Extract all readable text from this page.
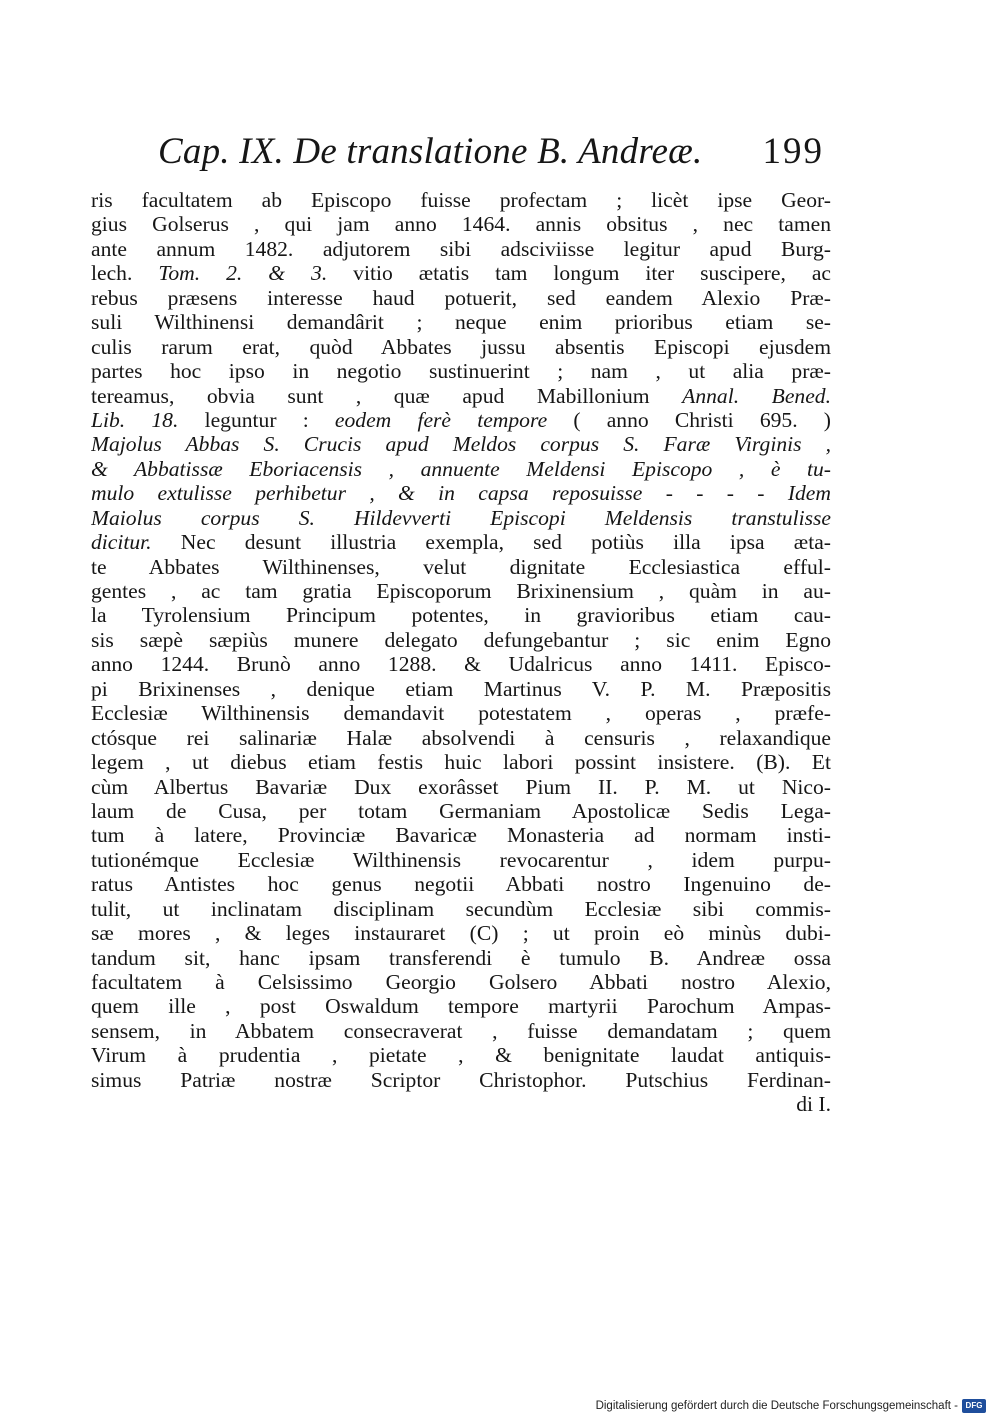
Cap. IX. De translatione B. Andreæ. 199
ris facultatem ab Episcopo fuisse profectam ; licèt ipse Geor-
gius Golserus , qui jam anno 1464. annis obsitus , nec tamen
ante annum 1482. adjutorem sibi adsciviisse legitur apud Burg-
lech. Tom. 2. & 3. vitio ætatis tam longum iter suscipere, ac
rebus præsens interesse haud potuerit, sed eandem Alexio Præ-
suli Wilthinensi demandârit ; neque enim prioribus etiam se-
culis rarum erat, quòd Abbates jussu absentis Episcopi ejusdem
partes hoc ipso in negotio sustinuerint ; nam , ut alia præ-
tereamus, obvia sunt , quæ apud Mabillonium Annal. Bened.
Lib. 18. leguntur : eodem ferè tempore ( anno Christi 695. )
Majolus Abbas S. Crucis apud Meldos corpus S. Faræ Virginis ,
& Abbatissæ Eboriacensis , annuente Meldensi Episcopo , è tu-
mulo extulisse perhibetur , & in capsa reposuisse - - - - Idem
Maiolus corpus S. Hildevverti Episcopi Meldensis transtulisse
dicitur. Nec desunt illustria exempla, sed potiùs illa ipsa æta-
te Abbates Wilthinenses, velut dignitate Ecclesiastica efful-
gentes , ac tam gratia Episcoporum Brixinensium , quàm in au-
la Tyrolensium Principum potentes, in gravioribus etiam cau-
sis sæpè sæpiùs munere delegato defungebantur ; sic enim Egno
anno 1244. Brunò anno 1288. & Udalricus anno 1411. Episco-
pi Brixinenses , denique etiam Martinus V. P. M. Præpositis
Ecclesiæ Wilthinensis demandavit potestatem , operas , præfe-
ctósque rei salinariæ Halæ absolvendi à censuris , relaxandique
legem , ut diebus etiam festis huic labori possint insistere. (B). Et
cùm Albertus Bavariæ Dux exorâsset Pium II. P. M. ut Nico-
laum de Cusa, per totam Germaniam Apostolicæ Sedis Lega-
tum à latere, Provinciæ Bavaricæ Monasteria ad normam insti-
tutionémque Ecclesiæ Wilthinensis revocarentur , idem purpu-
ratus Antistes hoc genus negotii Abbati nostro Ingenuino de-
tulit, ut inclinatam disciplinam secundùm Ecclesiæ sibi commis-
sæ mores , & leges instauraret (C) ; ut proin eò minùs dubi-
tandum sit, hanc ipsam transferendi è tumulo B. Andreæ ossa
facultatem à Celsissimo Georgio Golsero Abbati nostro Alexio,
quem ille , post Oswaldum tempore martyrii Parochum Ampas-
sensem, in Abbatem consecraverat , fuisse demandatam ; quem
Virum à prudentia , pietate , & benignitate laudat antiquis-
simus Patriæ nostræ Scriptor Christophor. Putschius Ferdinan-
di I.
Digitalisierung gefördert durch die Deutsche Forschungsgemeinschaft - DFG
